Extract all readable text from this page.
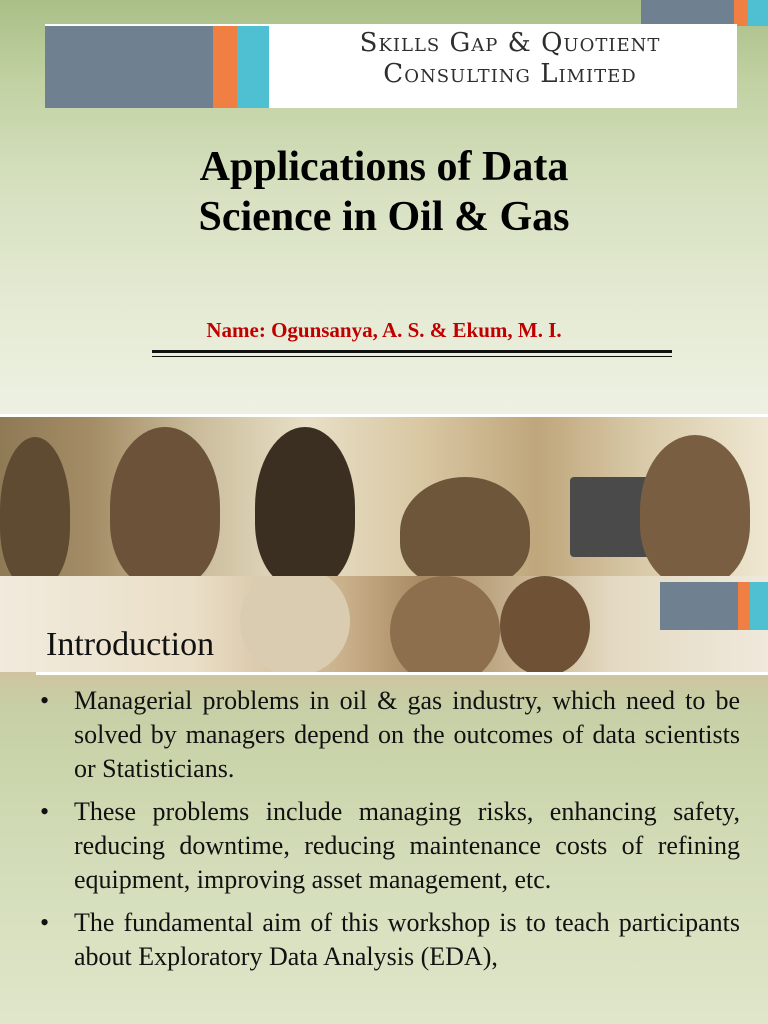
Skills Gap & Quotient
Consulting Limited
Applications of Data
Science in Oil & Gas
Name: Ogunsanya, A. S. & Ekum, M. I.
Introduction
• Managerial problems in oil & gas industry, which need to be solved by managers depend on the outcomes of data scientists or Statisticians.
• These problems include managing risks, enhancing safety, reducing downtime, reducing maintenance costs of refining equipment, improving asset management, etc.
• The fundamental aim of this workshop is to teach participants about Exploratory Data Analysis (EDA),
